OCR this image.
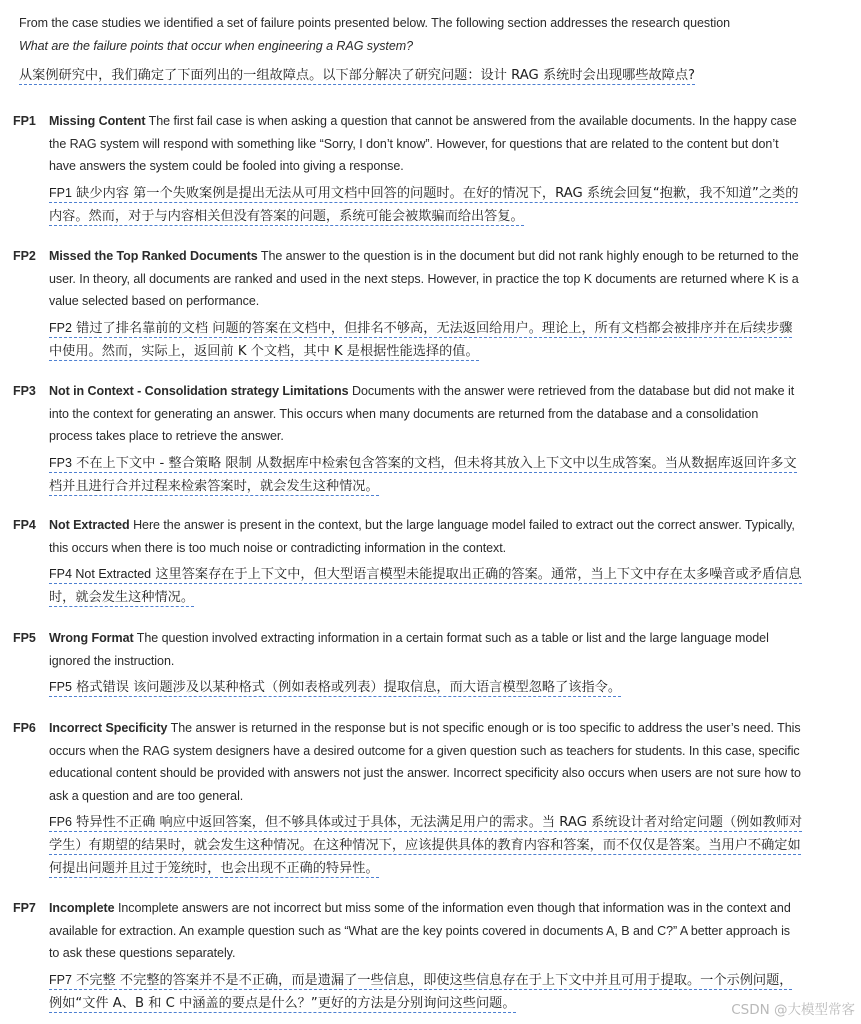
From the case studies we identified a set of failure points presented below. The following section addresses the research question
What are the failure points that occur when engineering a RAG system?
从案例研究中，我们确定了下面列出的一组故障点。以下部分解决了研究问题：设计 RAG 系统时会出现哪些故障点?
FP1 Missing Content The first fail case is when asking a question that cannot be answered from the available documents. In the happy case the RAG system will respond with something like “Sorry, I don’t know”. However, for questions that are related to the content but don’t have answers the system could be fooled into giving a response.
FP1 缺少内容 第一个失败案例是提出无法从可用文档中回答的问题时。在好的情况下，RAG 系统会回复“抱歉，我不知道”之类的内容。然而，对于与内容相关但没有答案的问题，系统可能会被欺骗而给出答复。
FP2 Missed the Top Ranked Documents The answer to the question is in the document but did not rank highly enough to be returned to the user. In theory, all documents are ranked and used in the next steps. However, in practice the top K documents are returned where K is a value selected based on performance.
FP2 错过了排名靠前的文档 问题的答案在文档中，但排名不够高，无法返回给用户。理论上，所有文档都会被排序并在后续步骤中使用。然而，实际上，返回前 K 个文档，其中 K 是根据性能选择的值。
FP3 Not in Context - Consolidation strategy Limitations Documents with the answer were retrieved from the database but did not make it into the context for generating an answer. This occurs when many documents are returned from the database and a consolidation process takes place to retrieve the answer.
FP3 不在上下文中 - 整合策略 限制 从数据库中检索包含答案的文档，但未将其放入上下文中以生成答案。当从数据库返回许多文档并且进行合并过程来检索答案时，就会发生这种情况。
FP4 Not Extracted Here the answer is present in the context, but the large language model failed to extract out the correct answer. Typically, this occurs when there is too much noise or contradicting information in the context.
FP4 Not Extracted 这里答案存在于上下文中，但大型语言模型未能提取出正确的答案。通常，当上下文中存在太多噪音或矛盾信息时，就会发生这种情况。
FP5 Wrong Format The question involved extracting information in a certain format such as a table or list and the large language model ignored the instruction.
FP5 格式错误 该问题涉及以某种格式（例如表格或列表）提取信息，而大语言模型忽略了该指令。
FP6 Incorrect Specificity The answer is returned in the response but is not specific enough or is too specific to address the user’s need. This occurs when the RAG system designers have a desired outcome for a given question such as teachers for students. In this case, specific educational content should be provided with answers not just the answer. Incorrect specificity also occurs when users are not sure how to ask a question and are too general.
FP6 特异性不正确 响应中返回答案，但不够具体或过于具体，无法满足用户的需求。当 RAG 系统设计者对给定问题（例如教师对学生）有期望的结果时，就会发生这种情况。在这种情况下，应该提供具体的教育内容和答案，而不仅仅是答案。当用户不确定如何提出问题并且过于笼统时，也会出现不正确的特异性。
FP7 Incomplete Incomplete answers are not incorrect but miss some of the information even though that information was in the context and available for extraction. An example question such as “What are the key points covered in documents A, B and C?” A better approach is to ask these questions separately.
FP7 不完整 不完整的答案并不是不正确，而是遗漏了一些信息，即使这些信息存在于上下文中并且可用于提取。一个示例问题，例如“文件 A、B 和 C 中涵盖的要点是什么？”更好的方法是分别询问这些问题。	CSDN @大模型常客
